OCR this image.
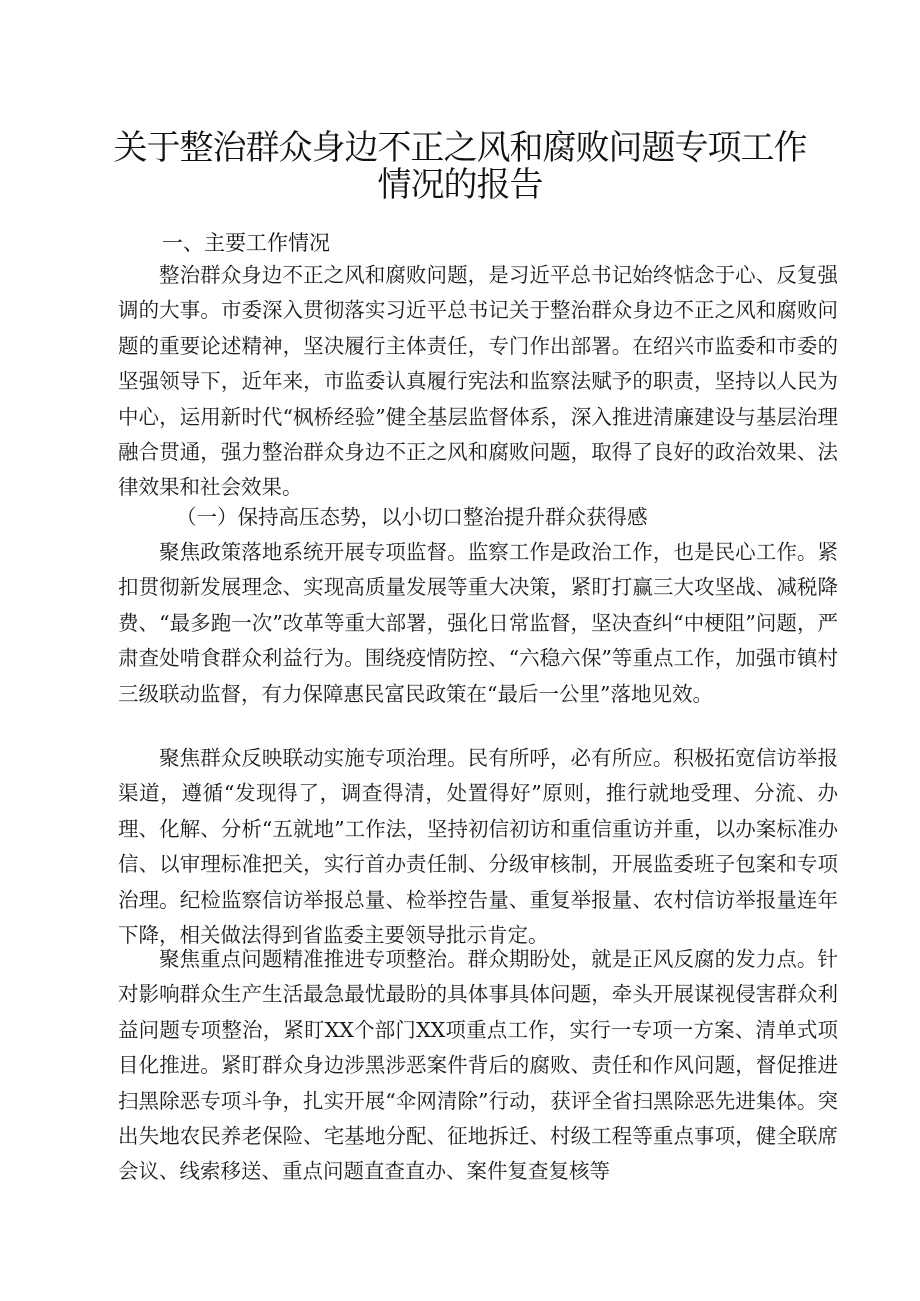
关于整治群众身边不正之风和腐败问题专项工作
情况的报告
一、主要工作情况

整治群众身边不正之风和腐败问题，是习近平总书记始终惦念于心、反复强调的大事。市委深入贯彻落实习近平总书记关于整治群众身边不正之风和腐败问题的重要论述精神，坚决履行主体责任，专门作出部署。在绍兴市监委和市委的坚强领导下，近年来，市监委认真履行宪法和监察法赋予的职责，坚持以人民为中心，运用新时代“枫桥经验”健全基层监督体系，深入推进清廉建设与基层治理融合贯通，强力整治群众身边不正之风和腐败问题，取得了良好的政治效果、法律效果和社会效果。

（一）保持高压态势，以小切口整治提升群众获得感

聚焦政策落地系统开展专项监督。监察工作是政治工作，也是民心工作。紧扣贯彻新发展理念、实现高质量发展等重大决策，紧盯打赢三大攻坚战、减税降费、“最多跑一次”改革等重大部署，强化日常监督，坚决查纠“中梗阻”问题，严肃查处啃食群众利益行为。围绕疫情防控、“六稳六保”等重点工作，加强市镇村三级联动监督，有力保障惠民富民政策在“最后一公里”落地见效。

聚焦群众反映联动实施专项治理。民有所呼，必有所应。积极拓宽信访举报渠道，遵循“发现得了，调查得清，处置得好”原则，推行就地受理、分流、办理、化解、分析“五就地”工作法，坚持初信初访和重信重访并重，以办案标准办信、以审理标准把关，实行首办责任制、分级审核制，开展监委班子包案和专项治理。纪检监察信访举报总量、检举控告量、重复举报量、农村信访举报量连年下降，相关做法得到省监委主要领导批示肯定。

聚焦重点问题精准推进专项整治。群众期盼处，就是正风反腐的发力点。针对影响群众生产生活最急最忧最盼的具体事具体问题，牵头开展谋视侵害群众利益问题专项整治，紧盯XX个部门XX项重点工作，实行一专项一方案、清单式项目化推进。紧盯群众身边涉黑涉恶案件背后的腐败、责任和作风问题，督促推进扫黑除恶专项斗争，扎实开展“伞网清除”行动，获评全省扫黑除恶先进集体。突出失地农民养老保险、宅基地分配、征地拆迁、村级工程等重点事项，健全联席会议、线索移送、重点问题直查直办、案件复查复核等
